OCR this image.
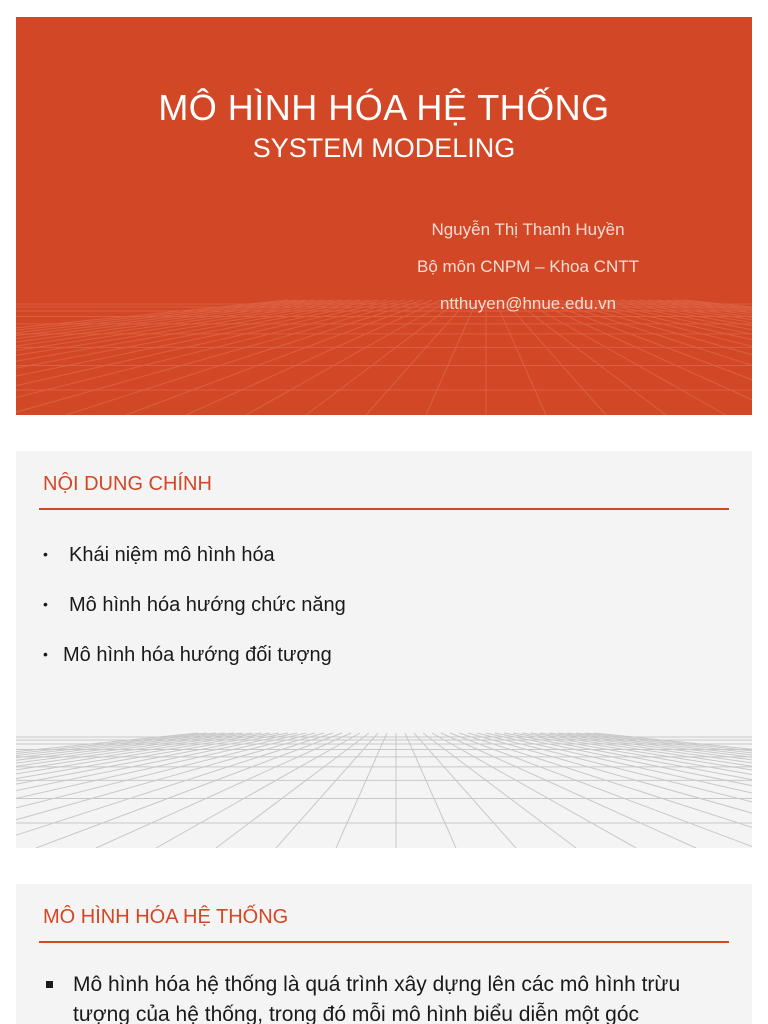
MÔ HÌNH HÓA HỆ THỐNG
SYSTEM MODELING
Nguyễn Thị Thanh Huyền
Bộ môn CNPM – Khoa CNTT
ntthuyen@hnue.edu.vn
NỘI DUNG CHÍNH
• Khái niệm mô hình hóa
• Mô hình hóa hướng chức năng
• Mô hình hóa hướng đối tượng
MÔ HÌNH HÓA HỆ THỐNG
Mô hình hóa hệ thống là quá trình xây dựng lên các mô hình trừu tượng của hệ thống, trong đó mỗi mô hình biểu diễn một góc
